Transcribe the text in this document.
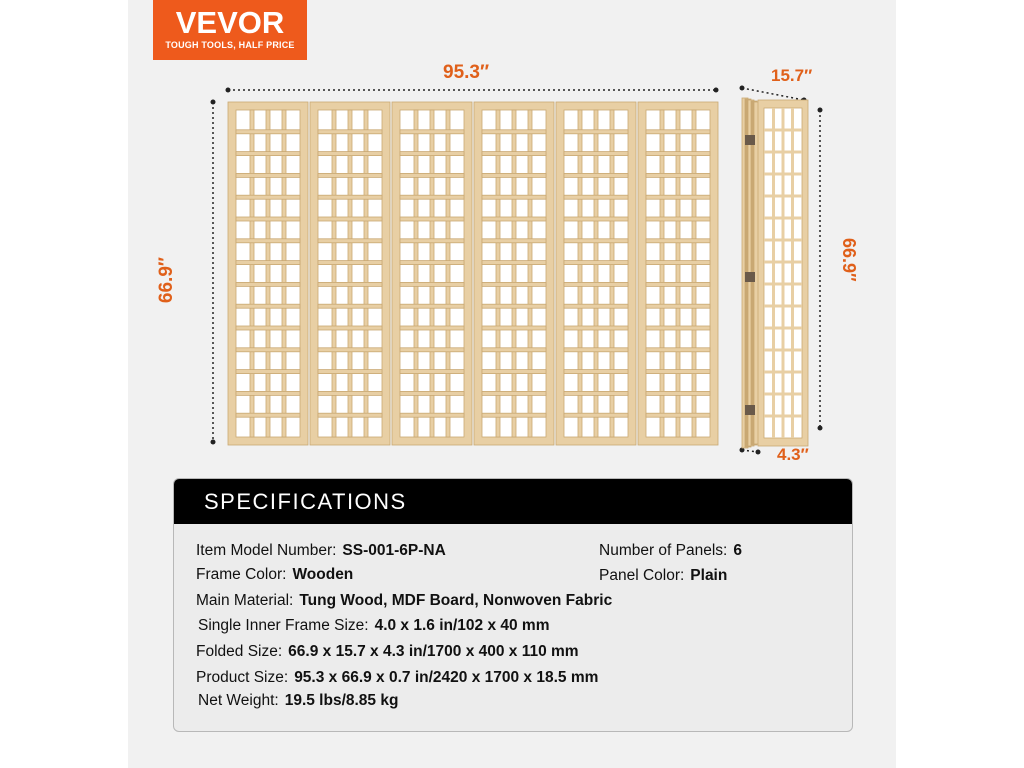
VEVOR
TOUGH TOOLS, HALF PRICE
95.3″
66.9″
15.7″
66.9″
4.3″
SPECIFICATIONS
Item Model Number: SS-001-6P-NA	Number of Panels: 6
Frame Color: Wooden	Panel Color: Plain
Main Material: Tung Wood, MDF Board, Nonwoven Fabric
Single Inner Frame Size: 4.0 x 1.6 in/102 x 40 mm
Folded Size: 66.9 x 15.7 x 4.3 in/1700 x 400 x 110 mm
Product Size: 95.3 x 66.9 x 0.7 in/2420 x 1700 x 18.5 mm
Net Weight: 19.5 lbs/8.85 kg
